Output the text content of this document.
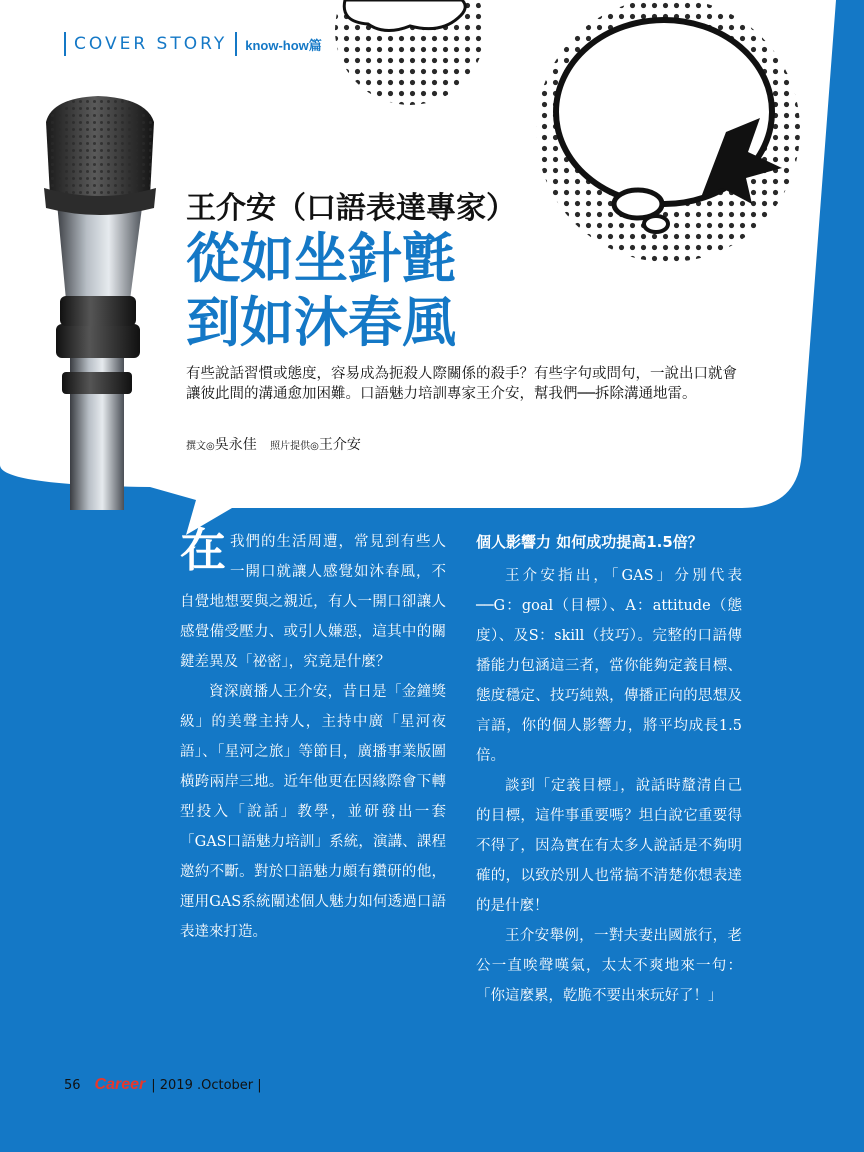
COVER STORY know-how篇
王介安（口語表達專家）
從如坐針氈
到如沐春風

有些說話習慣或態度，容易成為扼殺人際關係的殺手？有些字句或問句，一說出口就會讓彼此間的溝通愈加困難。口語魅力培訓專家王介安，幫我們──拆除溝通地雷。

撰文◎吳永佳 照片提供◎王介安

在我們的生活周遭，常見到有些人一開口就讓人感覺如沐春風，不自覺地想要與之親近，有人一開口卻讓人感覺備受壓力、或引人嫌惡，這其中的關鍵差異及「祕密」，究竟是什麼？

資深廣播人王介安，昔日是「金鐘獎級」的美聲主持人，主持中廣「星河夜語」、「星河之旅」等節目，廣播事業版圖橫跨兩岸三地。近年他更在因緣際會下轉型投入「說話」教學，並研發出一套「GAS口語魅力培訓」系統，演講、課程邀約不斷。對於口語魅力頗有鑽研的他，運用GAS系統闡述個人魅力如何透過口語表達來打造。

個人影響力 如何成功提高1.5倍？

王介安指出，「GAS」分別代表──G：goal（目標）、A：attitude（態度）、及S：skill（技巧）。完整的口語傳播能力包涵這三者，當你能夠定義目標、態度穩定、技巧純熟，傳播正向的思想及言語，你的個人影響力，將平均成長1.5倍。

談到「定義目標」，說話時釐清自己的目標，這件事重要嗎？坦白說它重要得不得了，因為實在有太多人說話是不夠明確的，以致於別人也常搞不清楚你想表達的是什麼！

王介安舉例，一對夫妻出國旅行，老公一直唉聲嘆氣，太太不爽地來一句：「你這麼累，乾脆不要出來玩好了！」

56 Career | 2019 .October |
